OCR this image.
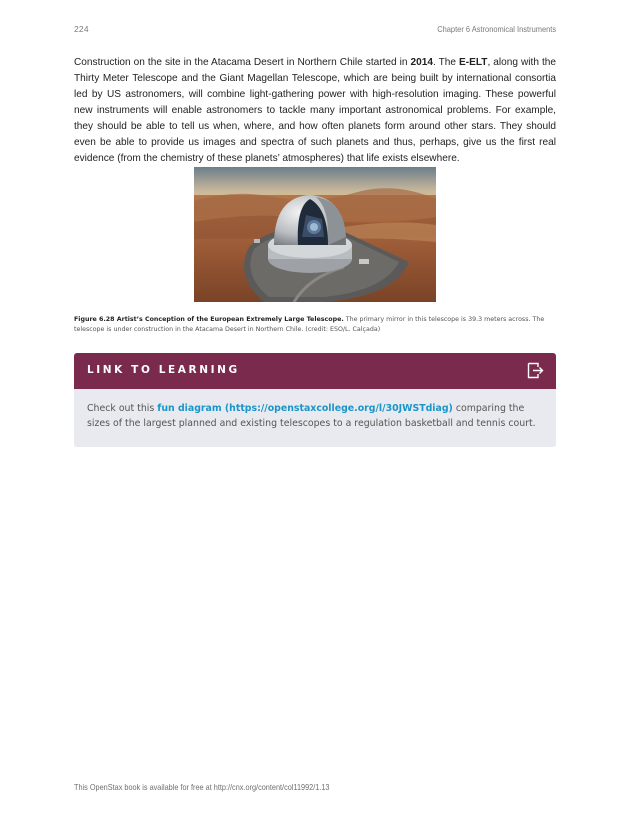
224	Chapter 6 Astronomical Instruments

Construction on the site in the Atacama Desert in Northern Chile started in 2014. The E-ELT, along with the Thirty Meter Telescope and the Giant Magellan Telescope, which are being built by international consortia led by US astronomers, will combine light-gathering power with high-resolution imaging. These powerful new instruments will enable astronomers to tackle many important astronomical problems. For example, they should be able to tell us when, where, and how often planets form around other stars. They should even be able to provide us images and spectra of such planets and thus, perhaps, give us the first real evidence (from the chemistry of these planets’ atmospheres) that life exists elsewhere.

Figure 6.28 Artist’s Conception of the European Extremely Large Telescope. The primary mirror in this telescope is 39.3 meters across. The telescope is under construction in the Atacama Desert in Northern Chile. (credit: ESO/L. Calçada)

LINK TO LEARNING

Check out this fun diagram (https://openstaxcollege.org/l/30JWSTdiag) comparing the sizes of the largest planned and existing telescopes to a regulation basketball and tennis court.

This OpenStax book is available for free at http://cnx.org/content/col11992/1.13
